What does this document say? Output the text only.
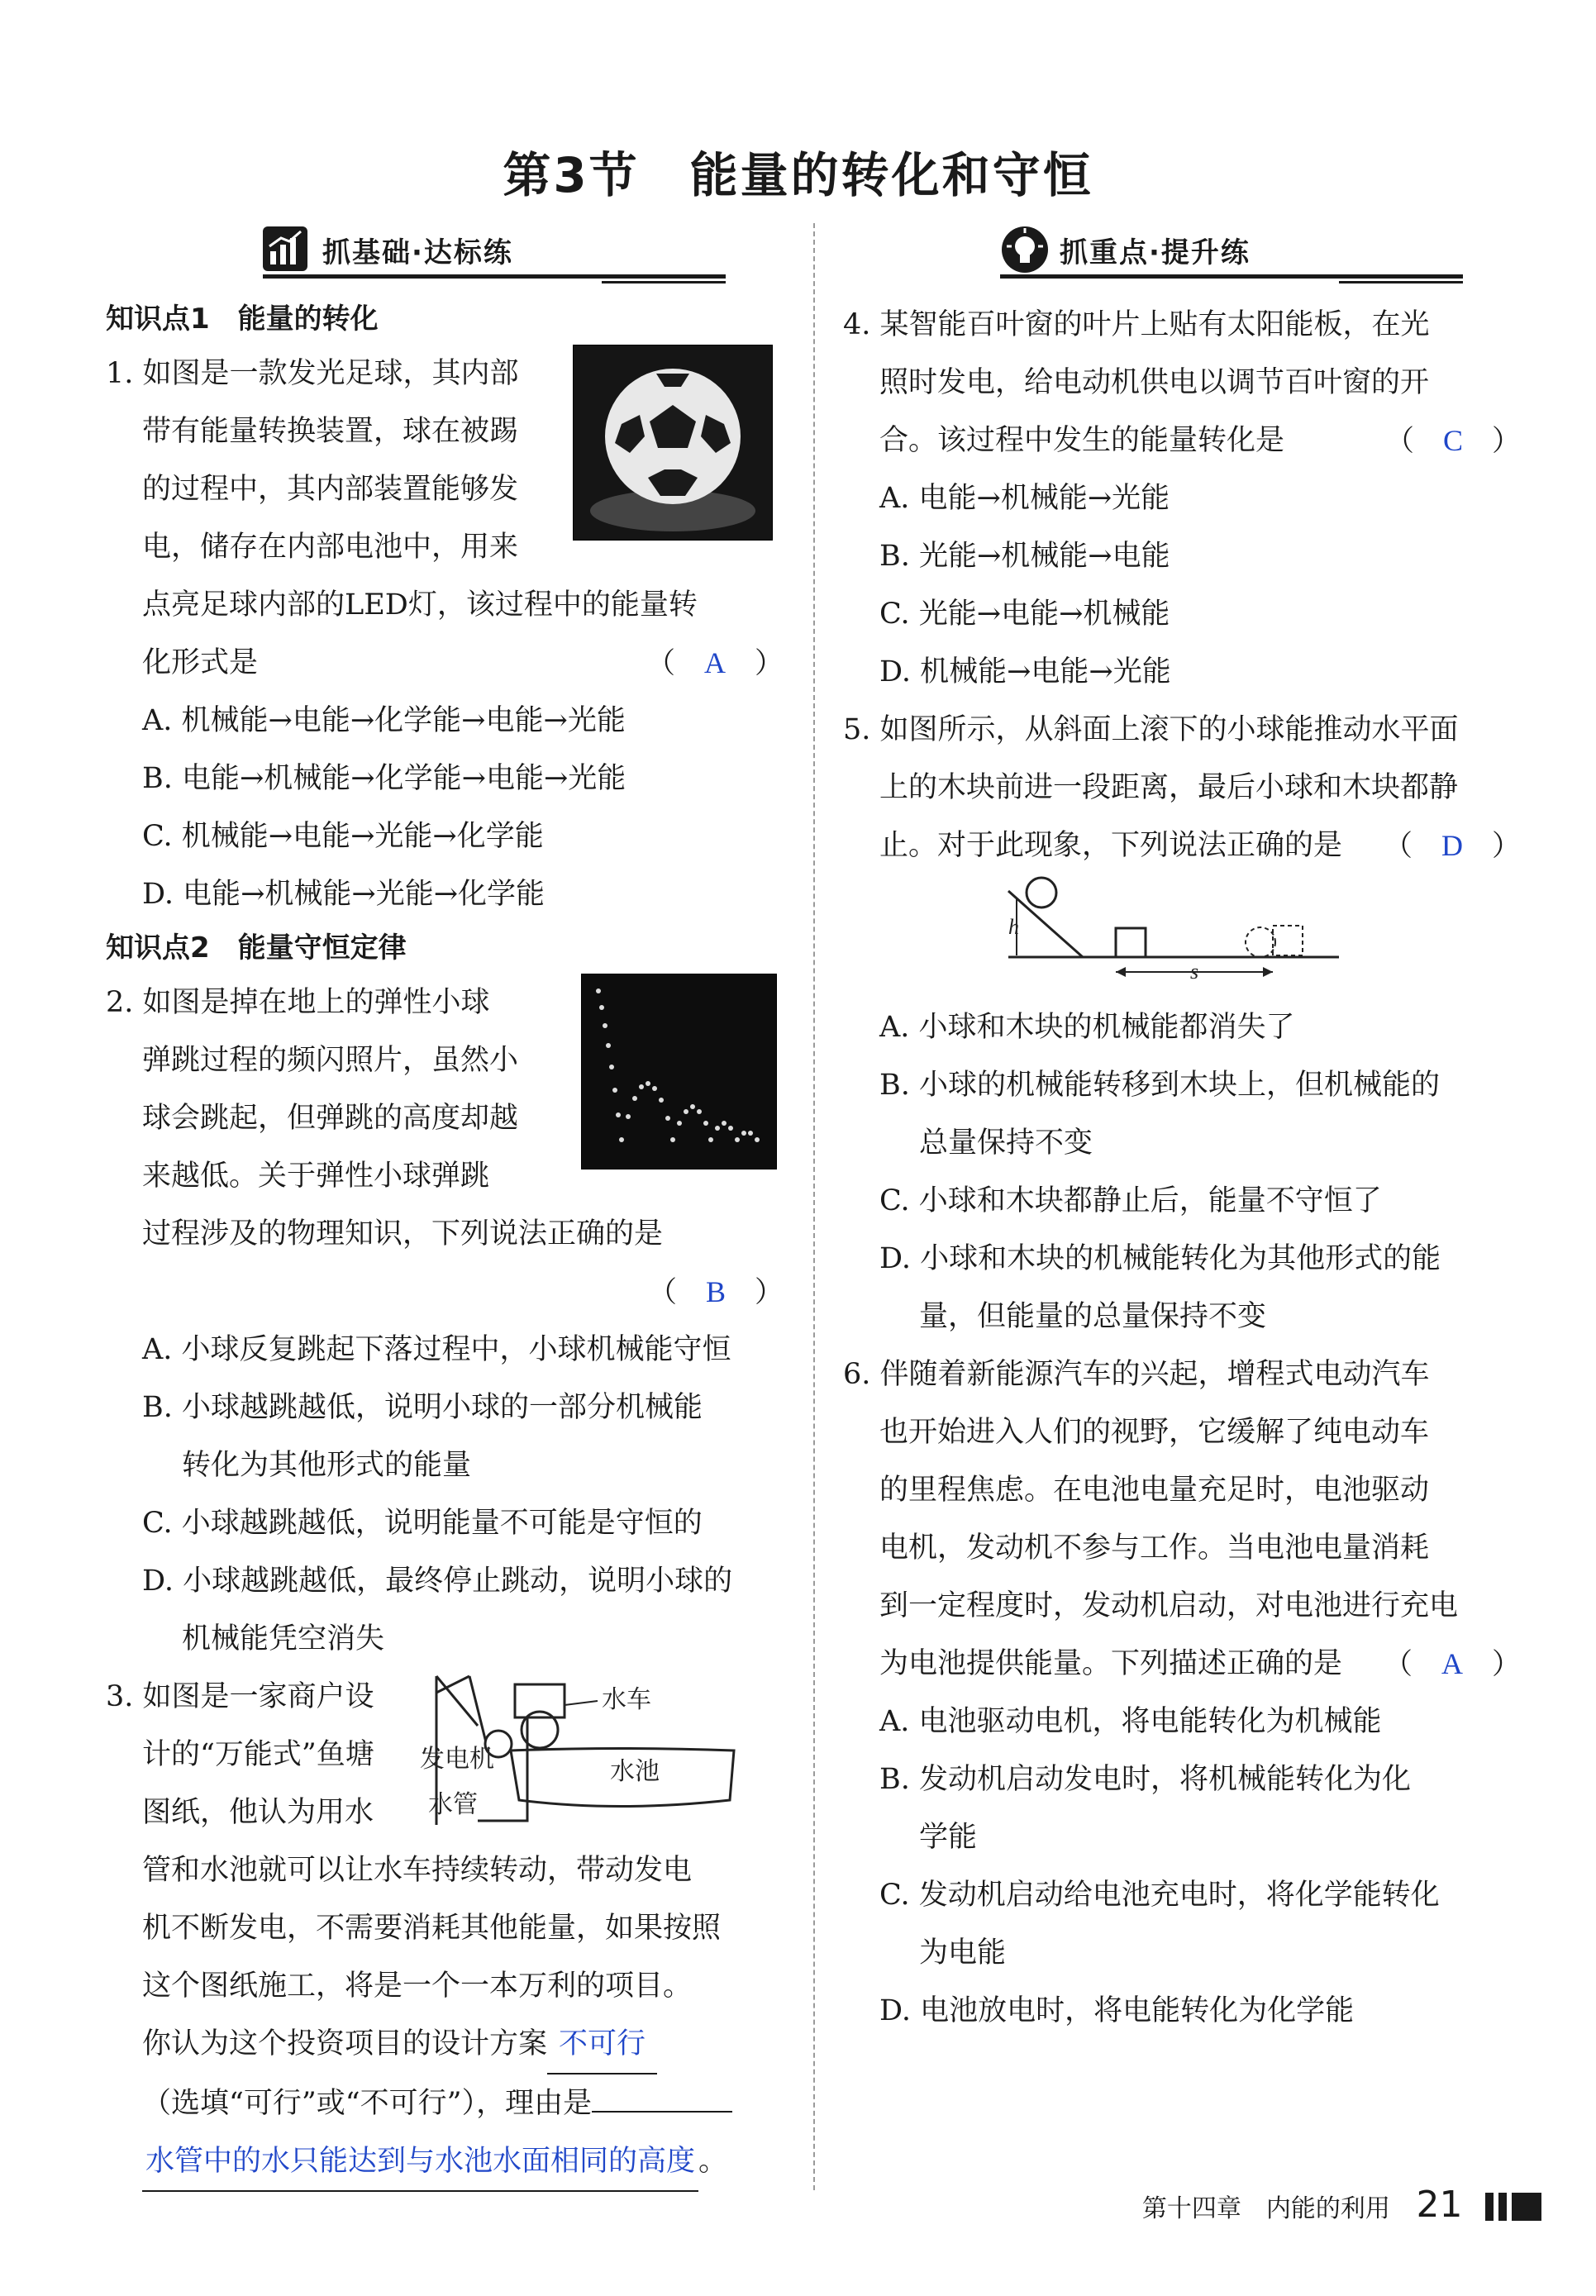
第3节　能量的转化和守恒
抓基础·达标练
知识点1　能量的转化
1. 如图是一款发光足球，其内部
带有能量转换装置，球在被踢
的过程中，其内部装置能够发
电，储存在内部电池中，用来
点亮足球内部的LED灯，该过程中的能量转
化形式是	（　A　）
A. 机械能→电能→化学能→电能→光能
B. 电能→机械能→化学能→电能→光能
C. 机械能→电能→光能→化学能
D. 电能→机械能→光能→化学能
知识点2　能量守恒定律
2. 如图是掉在地上的弹性小球
弹跳过程的频闪照片，虽然小
球会跳起，但弹跳的高度却越
来越低。关于弹性小球弹跳
过程涉及的物理知识，下列说法正确的是
（　B　）

A. 小球反复跳起下落过程中，小球机械能守恒
B. 小球越跳越低，说明小球的一部分机械能
转化为其他形式的能量
C. 小球越跳越低，说明能量不可能是守恒的
D. 小球越跳越低，最终停止跳动，说明小球的
机械能凭空消失
水车
发电机	水池
水管
3. 如图是一家商户设
计的“万能式”鱼塘
图纸，他认为用水
管和水池就可以让水车持续转动，带动发电
机不断发电，不需要消耗其他能量，如果按照
这个图纸施工，将是一个一本万利的项目。
你认为这个投资项目的设计方案 不可行
（选填“可行”或“不可行”），理由是
水管中的水只能达到与水池水面相同的高度 。
抓重点·提升练
4. 某智能百叶窗的叶片上贴有太阳能板，在光
照时发电，给电动机供电以调节百叶窗的开
合。该过程中发生的能量转化是	（　C　）
A. 电能→机械能→光能
B. 光能→机械能→电能
C. 光能→电能→机械能
D. 机械能→电能→光能
5. 如图所示，从斜面上滚下的小球能推动水平面
上的木块前进一段距离，最后小球和木块都静
止。对于此现象，下列说法正确的是 （　D　）
h
s
A. 小球和木块的机械能都消失了
B. 小球的机械能转移到木块上，但机械能的
总量保持不变
C. 小球和木块都静止后，能量不守恒了
D. 小球和木块的机械能转化为其他形式的能
量，但能量的总量保持不变
6. 伴随着新能源汽车的兴起，增程式电动汽车
也开始进入人们的视野，它缓解了纯电动车
的里程焦虑。在电池电量充足时，电池驱动
电机，发动机不参与工作。当电池电量消耗
到一定程度时，发动机启动，对电池进行充电
为电池提供能量。下列描述正确的是 （　A　）
A. 电池驱动电机，将电能转化为机械能
B. 发动机启动发电时，将机械能转化为化
学能
C. 发动机启动给电池充电时，将化学能转化
为电能
D. 电池放电时，将电能转化为化学能
第十四章　内能的利用 21
